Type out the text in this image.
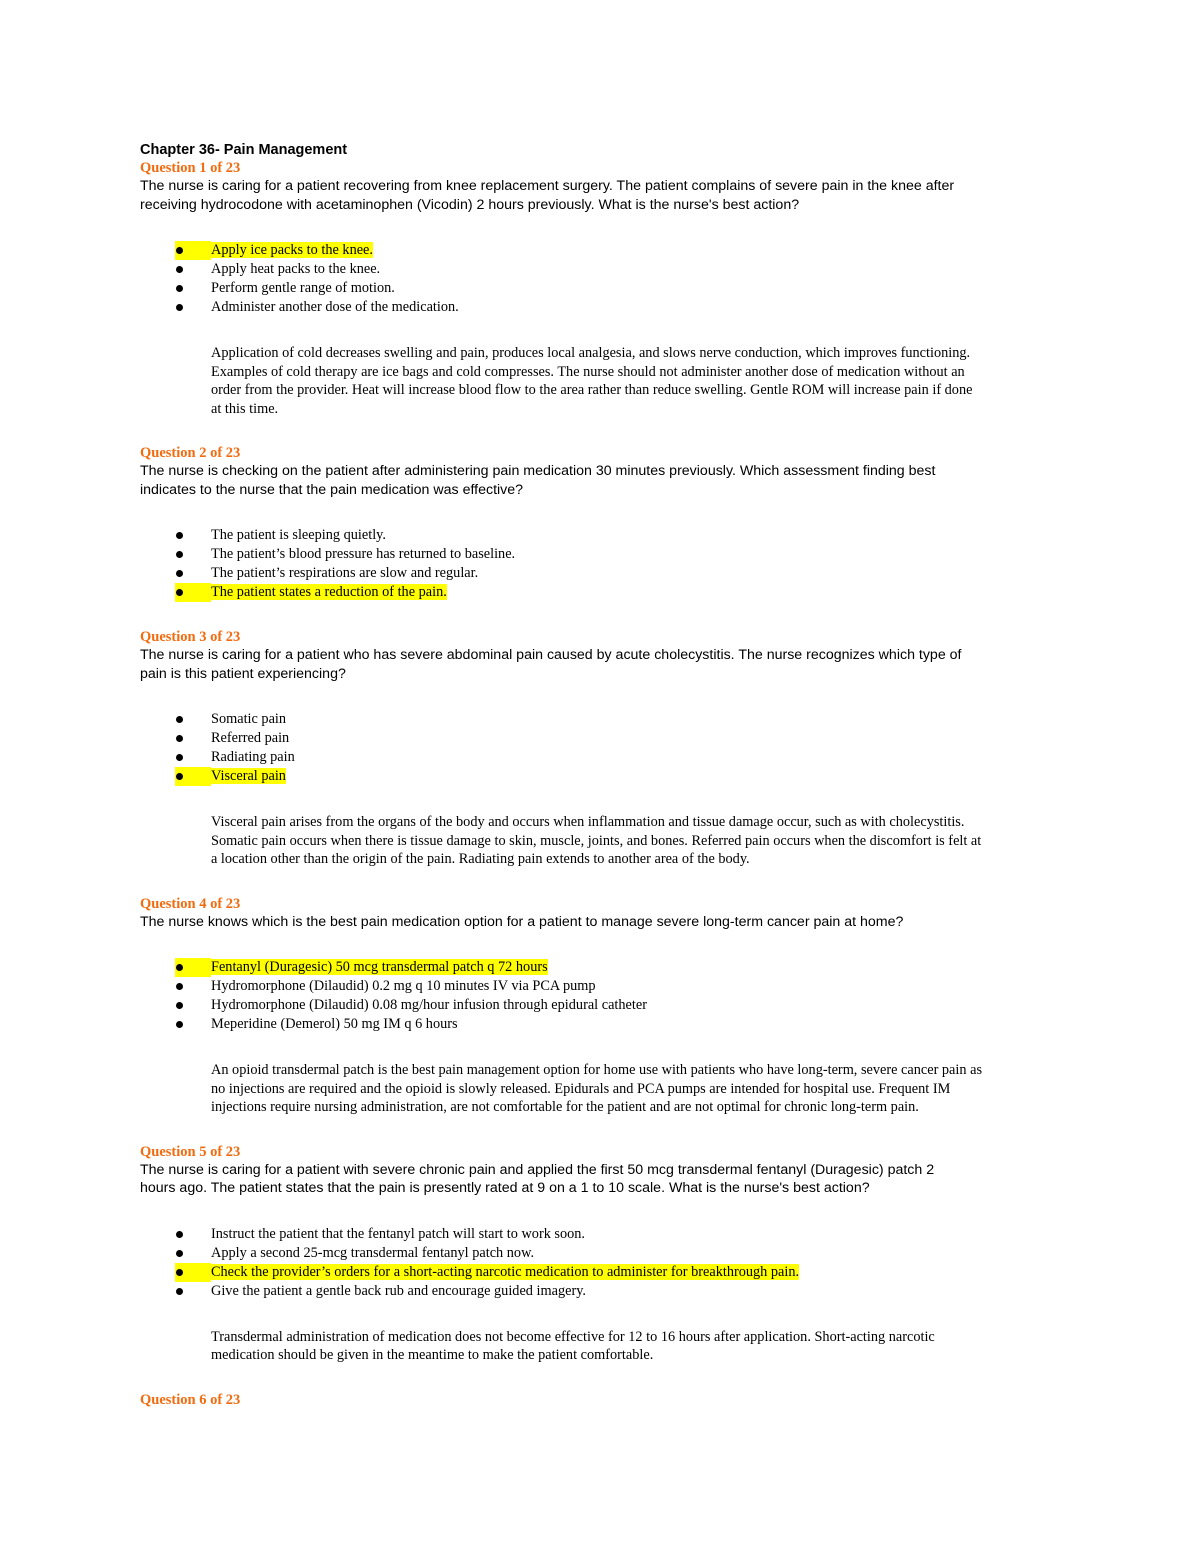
Chapter 36- Pain Management

Question 1 of 23

The nurse is caring for a patient recovering from knee replacement surgery. The patient complains of severe pain in the knee after

receiving hydrocodone with acetaminophen (Vicodin) 2 hours previously. What is the nurse's best action?

Apply ice packs to the knee.
Apply heat packs to the knee.
Perform gentle range of motion.
Administer another dose of the medication.

Application of cold decreases swelling and pain, produces local analgesia, and slows nerve conduction, which improves functioning.

Examples of cold therapy are ice bags and cold compresses. The nurse should not administer another dose of medication without an

order from the provider. Heat will increase blood flow to the area rather than reduce swelling. Gentle ROM will increase pain if done

at this time.

Question 2 of 23

The nurse is checking on the patient after administering pain medication 30 minutes previously. Which assessment finding best

indicates to the nurse that the pain medication was effective?

The patient is sleeping quietly.
The patient’s blood pressure has returned to baseline.
The patient’s respirations are slow and regular.
The patient states a reduction of the pain.

Question 3 of 23

The nurse is caring for a patient who has severe abdominal pain caused by acute cholecystitis. The nurse recognizes which type of

pain is this patient experiencing?

Somatic pain
Referred pain
Radiating pain
Visceral pain

Visceral pain arises from the organs of the body and occurs when inflammation and tissue damage occur, such as with cholecystitis.

Somatic pain occurs when there is tissue damage to skin, muscle, joints, and bones. Referred pain occurs when the discomfort is felt at

a location other than the origin of the pain. Radiating pain extends to another area of the body.

Question 4 of 23

The nurse knows which is the best pain medication option for a patient to manage severe long-term cancer pain at home?

Fentanyl (Duragesic) 50 mcg transdermal patch q 72 hours
Hydromorphone (Dilaudid) 0.2 mg q 10 minutes IV via PCA pump
Hydromorphone (Dilaudid) 0.08 mg/hour infusion through epidural catheter
Meperidine (Demerol) 50 mg IM q 6 hours

An opioid transdermal patch is the best pain management option for home use with patients who have long-term, severe cancer pain as

no injections are required and the opioid is slowly released. Epidurals and PCA pumps are intended for hospital use. Frequent IM

injections require nursing administration, are not comfortable for the patient and are not optimal for chronic long-term pain.

Question 5 of 23

The nurse is caring for a patient with severe chronic pain and applied the first 50 mcg transdermal fentanyl (Duragesic) patch 2

hours ago. The patient states that the pain is presently rated at 9 on a 1 to 10 scale. What is the nurse's best action?

Instruct the patient that the fentanyl patch will start to work soon.
Apply a second 25-mcg transdermal fentanyl patch now.
Check the provider’s orders for a short-acting narcotic medication to administer for breakthrough pain.
Give the patient a gentle back rub and encourage guided imagery.

Transdermal administration of medication does not become effective for 12 to 16 hours after application. Short-acting narcotic

medication should be given in the meantime to make the patient comfortable.

Question 6 of 23
